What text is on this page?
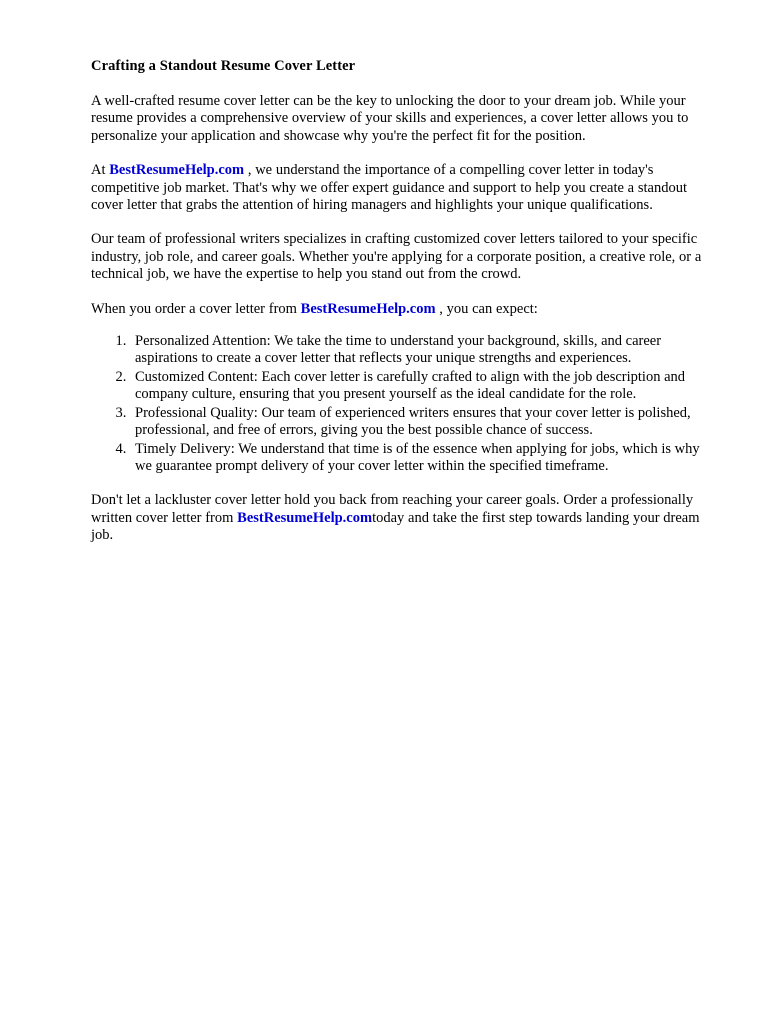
Crafting a Standout Resume Cover Letter

A well-crafted resume cover letter can be the key to unlocking the door to your dream job. While your resume provides a comprehensive overview of your skills and experiences, a cover letter allows you to personalize your application and showcase why you're the perfect fit for the position.

At BestResumeHelp.com , we understand the importance of a compelling cover letter in today's competitive job market. That's why we offer expert guidance and support to help you create a standout cover letter that grabs the attention of hiring managers and highlights your unique qualifications.

Our team of professional writers specializes in crafting customized cover letters tailored to your specific industry, job role, and career goals. Whether you're applying for a corporate position, a creative role, or a technical job, we have the expertise to help you stand out from the crowd.

When you order a cover letter from BestResumeHelp.com , you can expect:

1. Personalized Attention: We take the time to understand your background, skills, and career aspirations to create a cover letter that reflects your unique strengths and experiences.
2. Customized Content: Each cover letter is carefully crafted to align with the job description and company culture, ensuring that you present yourself as the ideal candidate for the role.
3. Professional Quality: Our team of experienced writers ensures that your cover letter is polished, professional, and free of errors, giving you the best possible chance of success.
4. Timely Delivery: We understand that time is of the essence when applying for jobs, which is why we guarantee prompt delivery of your cover letter within the specified timeframe.

Don't let a lackluster cover letter hold you back from reaching your career goals. Order a professionally written cover letter from BestResumeHelp.comtoday and take the first step towards landing your dream job.
